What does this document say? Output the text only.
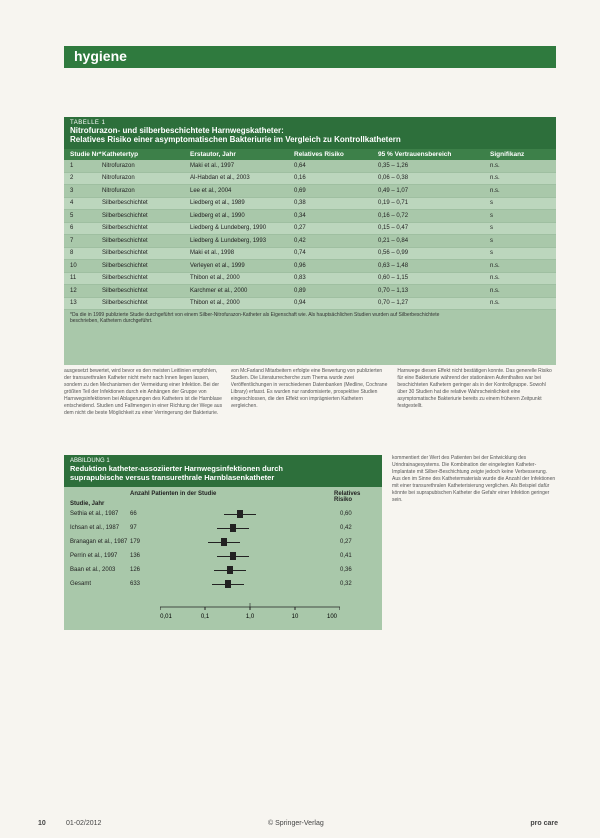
hygiene
TABELLE 1
Nitrofurazon- und silberbeschichtete Harnwegskatheter:
Relatives Risiko einer asymptomatischen Bakteriurie im Vergleich zu Kontrollkathetern
Studie Nr* Kathetertyp	Erstautor, Jahr	Relatives Risiko	95 % Vertrauensbereich	Signifikanz
1	Nitrofurazon	Maki et al., 1997	0,64	0,35 – 1,26	n.s.
2	Nitrofurazon	Al-Habdan et al., 2003	0,16	0,06 – 0,38	n.s.
3	Nitrofurazon	Lee et al., 2004	0,69	0,49 – 1,07	n.s.
4	Silberbeschichtet	Liedberg et al., 1989	0,38	0,19 – 0,71	s
5	Silberbeschichtet	Liedberg et al., 1990	0,34	0,16 – 0,72	s
6	Silberbeschichtet	Liedberg & Lundeberg, 1990	0,27	0,15 – 0,47	s
7	Silberbeschichtet	Liedberg & Lundeberg, 1993	0,42	0,21 – 0,84	s
8	Silberbeschichtet	Maki et al., 1998	0,74	0,56 – 0,99	s
10	Silberbeschichtet	Verleyen et al., 1999	0,96	0,63 – 1,48	n.s.
11	Silberbeschichtet	Thibon et al., 2000	0,83	0,60 – 1,15	n.s.
12	Silberbeschichtet	Karchmer et al., 2000	0,89	0,70 – 1,13	n.s.
13	Silberbeschichtet	Thibon et al., 2000	0,94	0,70 – 1,27	n.s.
*Da die in 1999 publizierte Studie durchgeführt von einem Silber-Nitrofurazon-Katheter als Eigenschaft wie. Als hauptsächlichen Studien wurden auf Silberbeschichtete
beschrieben, Kathetern durchgeführt.
ausgesetzt bewertet, wird bevor es den meisten Leitlinien empfohlen, der transurethralen Katheter nicht mehr nach Innen liegen lassen, sondern zu den Mechanismen der Vermeidung einer Infektion. Bei der größten Teil der Infektionen durch ein Anhängen der Gruppe von Harnwegsinfektionen bei Ablagerungen des Katheters ist die Harnblase entscheidend. Studien und Fallmengen in einer Richtung der Wege aus dem nicht die beste Möglichkeit zu einer Verringerung der Bakteriurie.
von McFarland Mitarbeitern erfolgte eine Bewertung von publizierten Studien. Die Literaturrecherche zum Thema wurde zwei Veröffentlichungen in verschiedenen Datenbanken (Medline, Cochrane Library) erfasst. Es wurden nur randomisierte, prospektive Studien eingeschlossen, die den Effekt von imprägnierten Kathetern vergleichen.
Harnwege diesen Effekt nicht bestätigen konnte. Das generelle Risiko für eine Bakteriurie während der stationären Aufenthaltes war bei beschichteten Kathetern geringer als in der Kontrollgruppe. Sowohl über 30 Studien hat die relative Wahrscheinlichkeit eine asymptomatische Bakteriurie bereits zu einem früheren Zeitpunkt festgestellt.
ABBILDUNG 1
Reduktion katheter-assoziierter Harnwegsinfektionen durch
suprapubische versus transurethrale Harnblasenkatheter
Studie, Jahr
Anzahl Patienten in der Studie	Relatives Risiko
Sethia et al., 1987	66	0,60
Ichsan et al., 1987	97	0,42
Branagan et al., 1987 179	0,27
Perrin et al., 1997	136	0,41
Baan et al., 2003	126	0,36
Gesamt	633	0,32
0,01	0,1	1,0	10	100
kommentiert der Wert des Patienten bei der Entwicklung des Urindrainagesystems. Die Kombination der eingelegten Katheter-Implantate mit Silber-Beschichtung zeigte jedoch keine Verbesserung. Aus den im Sinne des Kathetermaterials wurde die Anzahl der Infektionen mit einer transurethralen Katheterisierung verglichen. Als Beispiel dafür könnte bei suprapubischen Katheter die Gefahr einer Infektion geringer sein.
10	01-02/2012	© Springer-Verlag	pro care
